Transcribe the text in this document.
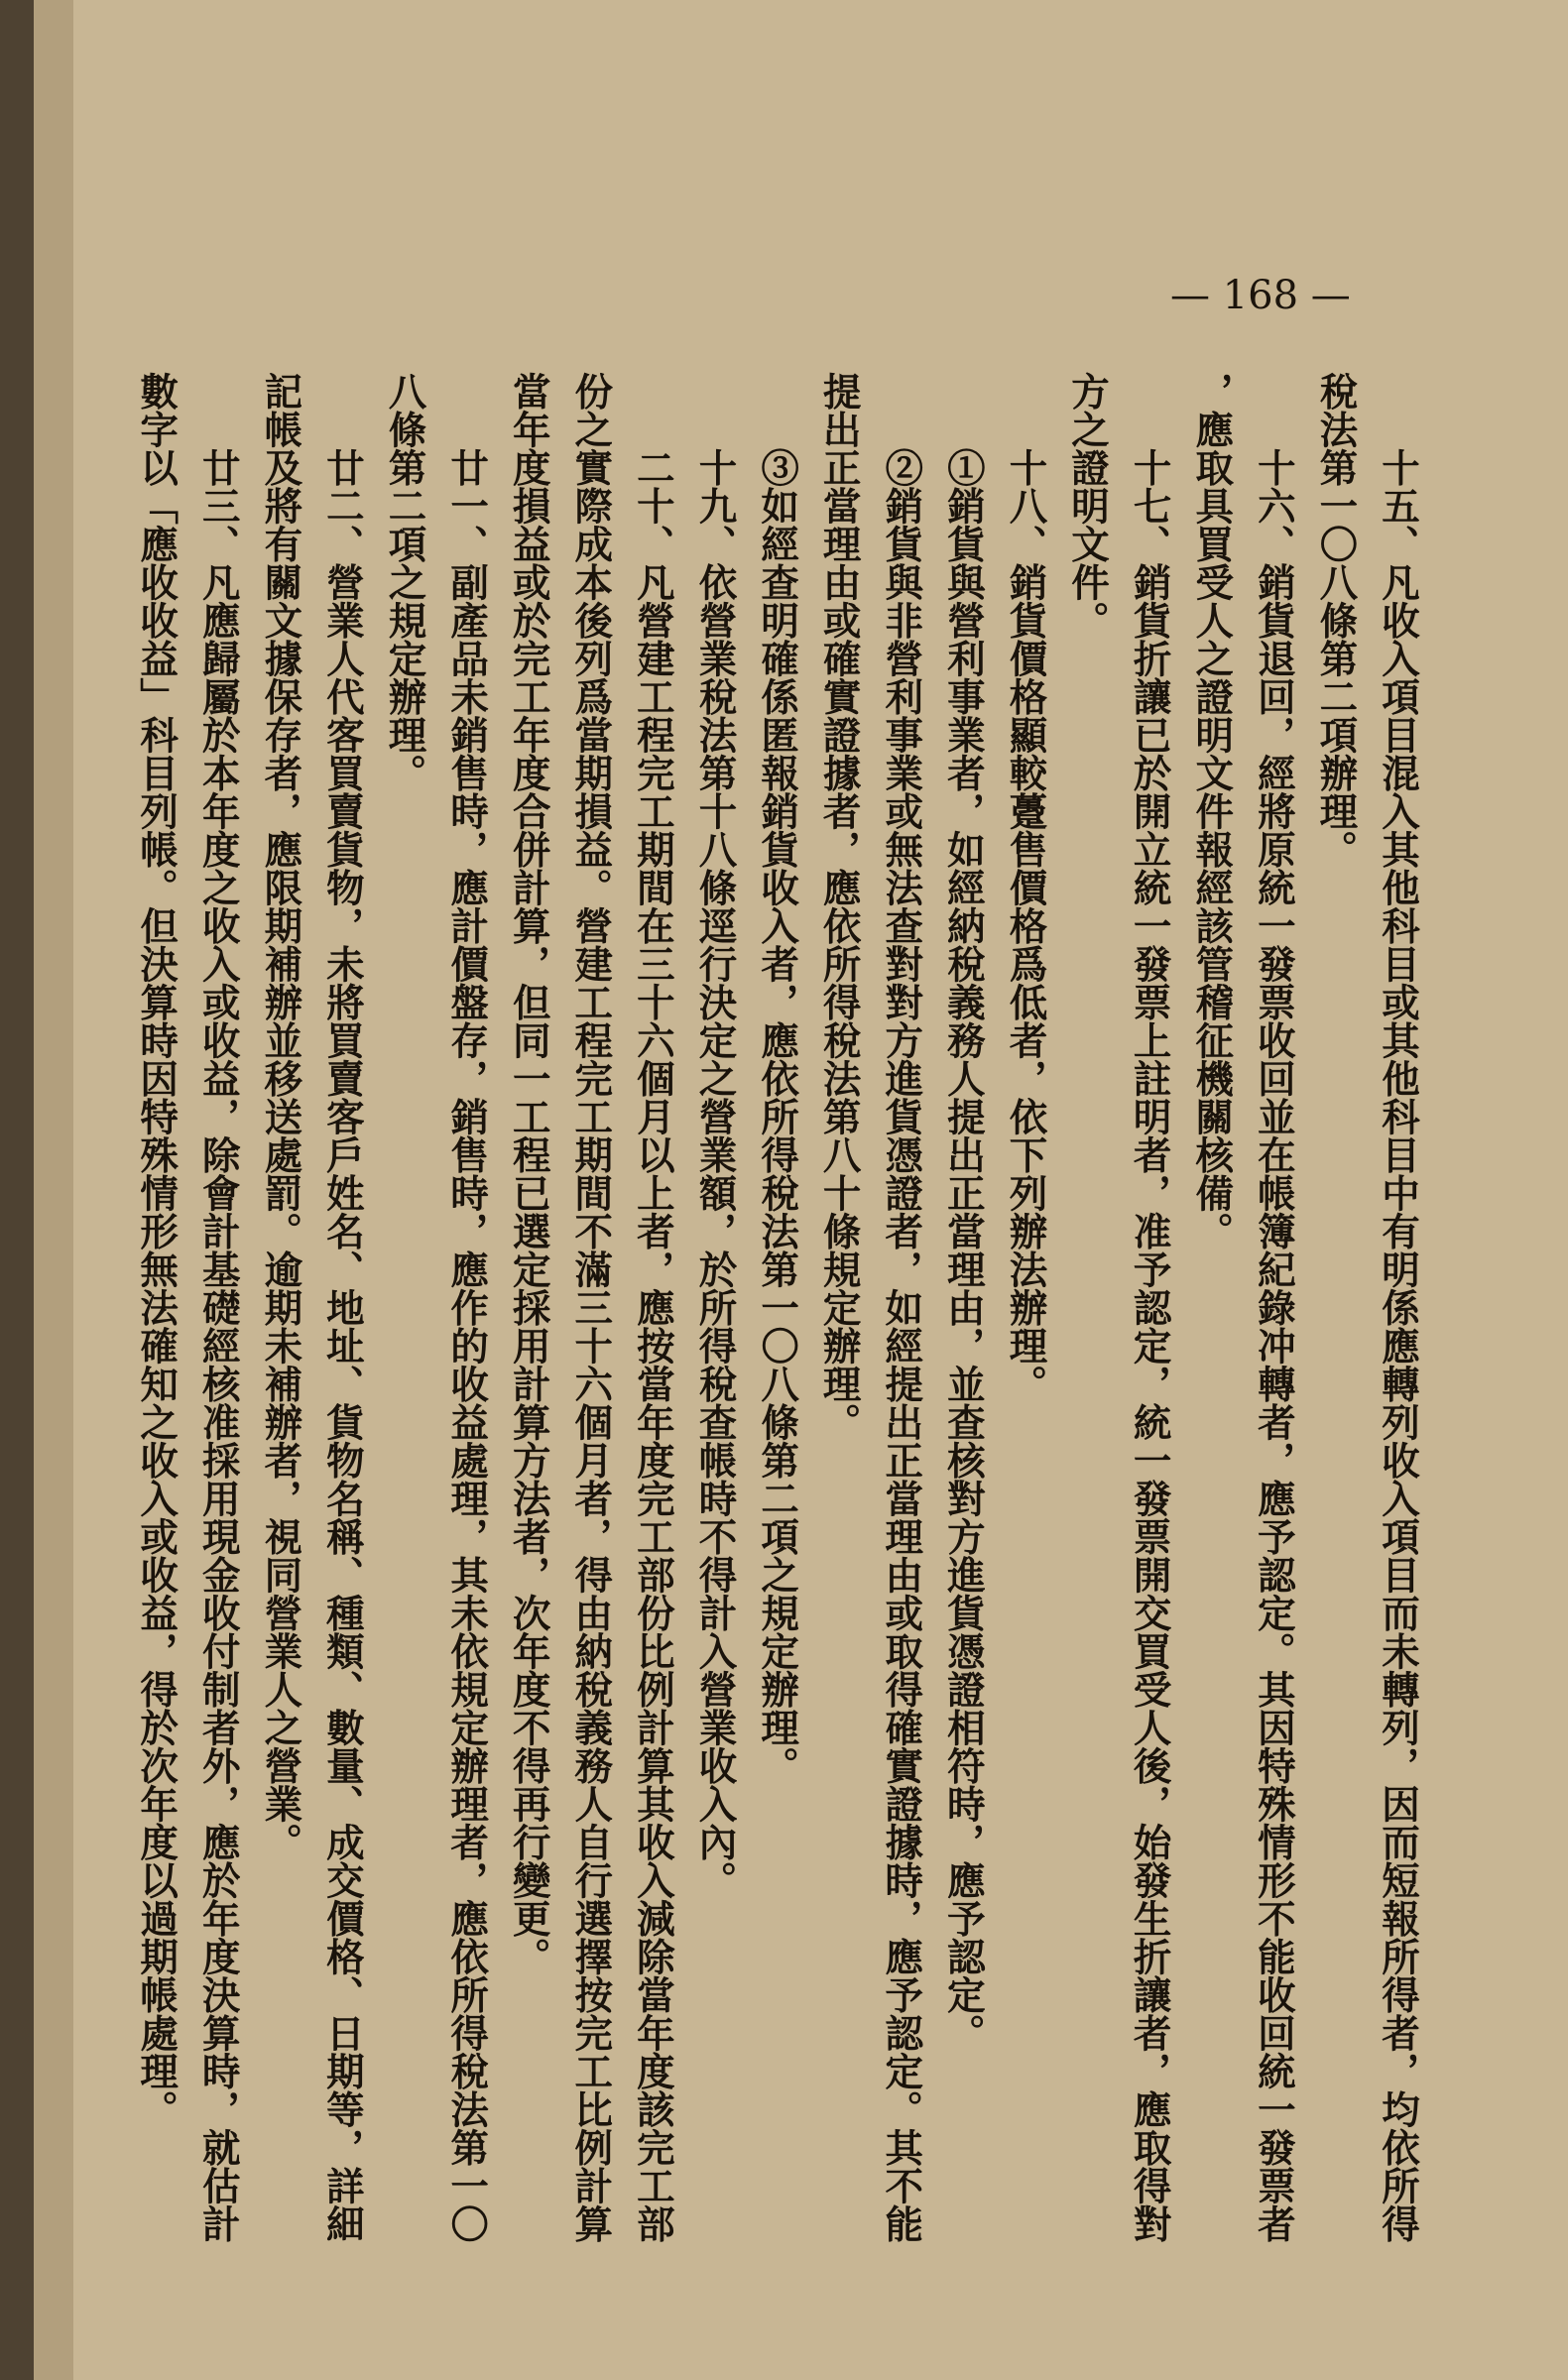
— 168 —
十五、凡收入項目混入其他科目或其他科目中有明係應轉列收入項目而未轉列，因而短報所得者，均依所得
稅法第一〇八條第二項辦理。
十六、銷貨退回，經將原統一發票收回並在帳簿紀錄冲轉者，應予認定。其因特殊情形不能收回統一發票者
，應取具買受人之證明文件報經該管稽征機關核備。
十七、銷貨折讓已於開立統一發票上註明者，准予認定，統一發票開交買受人後，始發生折讓者，應取得對
方之證明文件。
十八、銷貨價格顯較躉售價格爲低者，依下列辦法辦理。
①銷貨與營利事業者，如經納稅義務人提出正當理由，並查核對方進貨憑證相符時，應予認定。
②銷貨與非營利事業或無法查對對方進貨憑證者，如經提出正當理由或取得確實證據時，應予認定。其不能
提出正當理由或確實證據者，應依所得稅法第八十條規定辦理。
③如經查明確係匿報銷貨收入者，應依所得稅法第一〇八條第二項之規定辦理。
十九、依營業稅法第十八條逕行決定之營業額，於所得稅查帳時不得計入營業收入內。
二十、凡營建工程完工期間在三十六個月以上者，應按當年度完工部份比例計算其收入減除當年度該完工部
份之實際成本後列爲當期損益。營建工程完工期間不滿三十六個月者，得由納稅義務人自行選擇按完工比例計算
當年度損益或於完工年度合併計算，但同一工程已選定採用計算方法者，次年度不得再行變更。
廿一、副產品未銷售時，應計價盤存，銷售時，應作的收益處理，其未依規定辦理者，應依所得稅法第一〇
八條第二項之規定辦理。
廿二、營業人代客買賣貨物，未將買賣客戶姓名、地址、貨物名稱、種類、數量、成交價格、日期等，詳細
記帳及將有關文據保存者，應限期補辦並移送處罰。逾期未補辦者，視同營業人之營業。
廿三、凡應歸屬於本年度之收入或收益，除會計基礎經核准採用現金收付制者外，應於年度決算時，就估計
數字以「應收收益」科目列帳。但決算時因特殊情形無法確知之收入或收益，得於次年度以過期帳處理。
